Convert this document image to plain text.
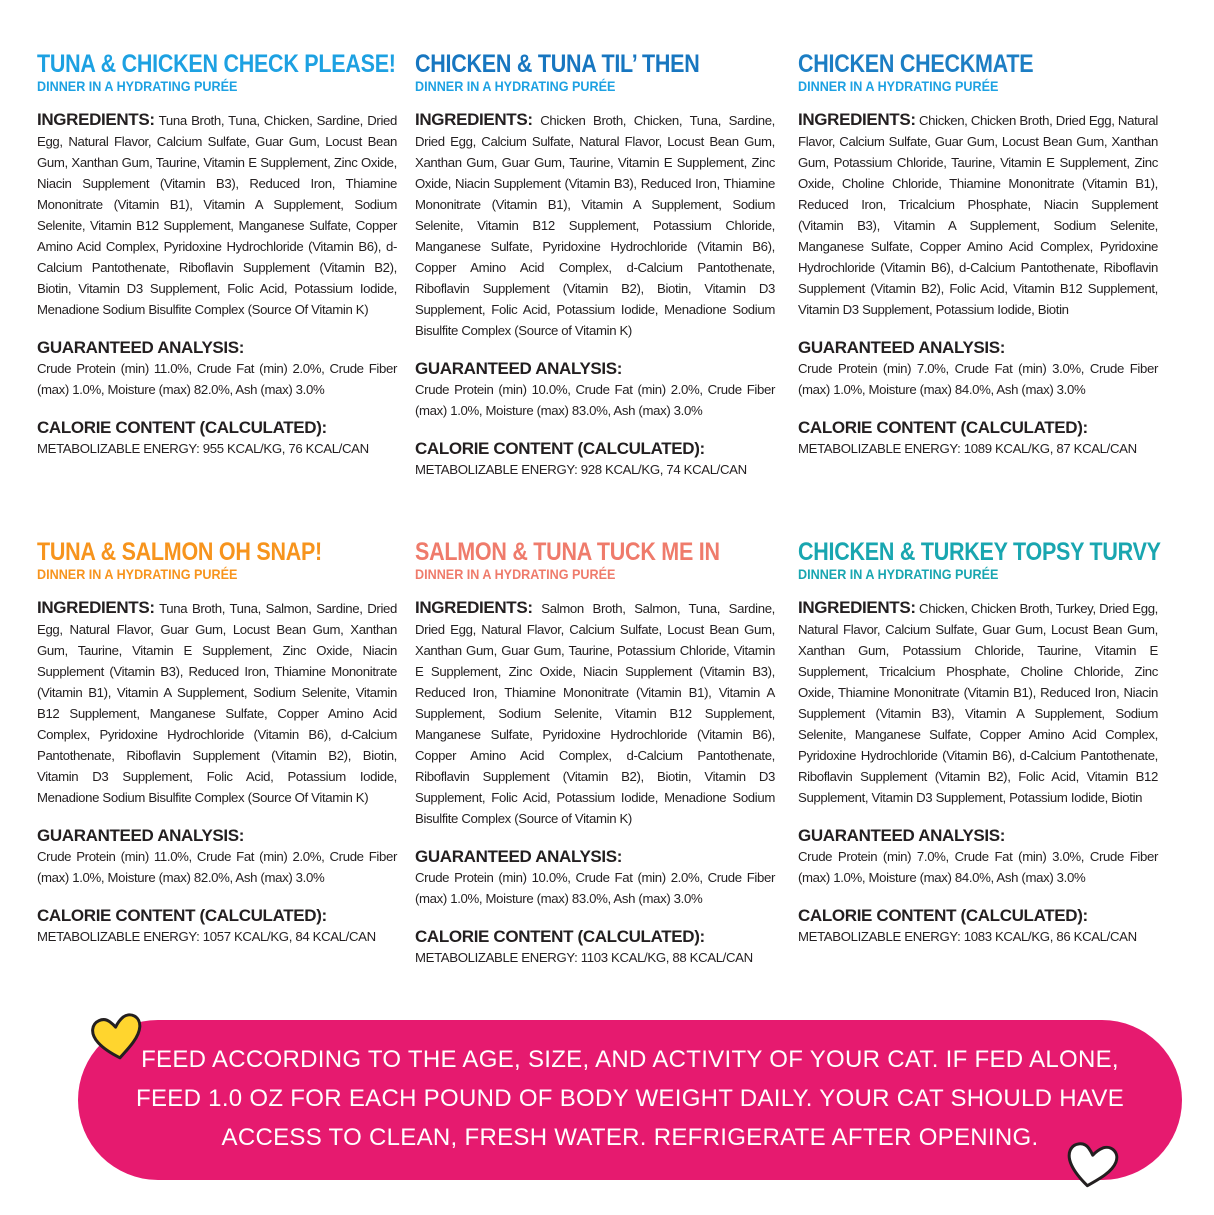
TUNA & CHICKEN CHECK PLEASE!
DINNER IN A HYDRATING PURÉE
INGREDIENTS: Tuna Broth, Tuna, Chicken, Sardine, Dried Egg, Natural Flavor, Calcium Sulfate, Guar Gum, Locust Bean Gum, Xanthan Gum, Taurine, Vitamin E Supplement, Zinc Oxide, Niacin Supplement (Vitamin B3), Reduced Iron, Thiamine Mononitrate (Vitamin B1), Vitamin A Supplement, Sodium Selenite, Vitamin B12 Supplement, Manganese Sulfate, Copper Amino Acid Complex, Pyridoxine Hydrochloride (Vitamin B6), d-Calcium Pantothenate, Riboflavin Supplement (Vitamin B2), Biotin, Vitamin D3 Supplement, Folic Acid, Potassium Iodide, Menadione Sodium Bisulfite Complex (Source Of Vitamin K)
GUARANTEED ANALYSIS:
Crude Protein (min) 11.0%, Crude Fat (min) 2.0%, Crude Fiber (max) 1.0%, Moisture (max) 82.0%, Ash (max) 3.0%
CALORIE CONTENT (CALCULATED):
METABOLIZABLE ENERGY: 955 KCAL/KG, 76 KCAL/CAN
CHICKEN & TUNA TIL’ THEN
DINNER IN A HYDRATING PURÉE
INGREDIENTS: Chicken Broth, Chicken, Tuna, Sardine, Dried Egg, Calcium Sulfate, Natural Flavor, Locust Bean Gum, Xanthan Gum, Guar Gum, Taurine, Vitamin E Supplement, Zinc Oxide, Niacin Supplement (Vitamin B3), Reduced Iron, Thiamine Mononitrate (Vitamin B1), Vitamin A Supplement, Sodium Selenite, Vitamin B12 Supplement, Potassium Chloride, Manganese Sulfate, Pyridoxine Hydrochloride (Vitamin B6), Copper Amino Acid Complex, d-Calcium Pantothenate, Riboflavin Supplement (Vitamin B2), Biotin, Vitamin D3 Supplement, Folic Acid, Potassium Iodide, Menadione Sodium Bisulfite Complex (Source of Vitamin K)
GUARANTEED ANALYSIS:
Crude Protein (min) 10.0%, Crude Fat (min) 2.0%, Crude Fiber (max) 1.0%, Moisture (max) 83.0%, Ash (max) 3.0%
CALORIE CONTENT (CALCULATED):
METABOLIZABLE ENERGY: 928 KCAL/KG, 74 KCAL/CAN
CHICKEN CHECKMATE
DINNER IN A HYDRATING PURÉE
INGREDIENTS: Chicken, Chicken Broth, Dried Egg, Natural Flavor, Calcium Sulfate, Guar Gum, Locust Bean Gum, Xanthan Gum, Potassium Chloride, Taurine, Vitamin E Supplement, Zinc Oxide, Choline Chloride, Thiamine Mononitrate (Vitamin B1), Reduced Iron, Tricalcium Phosphate, Niacin Supplement (Vitamin B3), Vitamin A Supplement, Sodium Selenite, Manganese Sulfate, Copper Amino Acid Complex, Pyridoxine Hydrochloride (Vitamin B6), d-Calcium Pantothenate, Riboflavin Supplement (Vitamin B2), Folic Acid, Vitamin B12 Supplement, Vitamin D3 Supplement, Potassium Iodide, Biotin
GUARANTEED ANALYSIS:
Crude Protein (min) 7.0%, Crude Fat (min) 3.0%, Crude Fiber (max) 1.0%, Moisture (max) 84.0%, Ash (max) 3.0%
CALORIE CONTENT (CALCULATED):
METABOLIZABLE ENERGY: 1089 KCAL/KG, 87 KCAL/CAN
TUNA & SALMON OH SNAP!
DINNER IN A HYDRATING PURÉE
INGREDIENTS: Tuna Broth, Tuna, Salmon, Sardine, Dried Egg, Natural Flavor, Guar Gum, Locust Bean Gum, Xanthan Gum, Taurine, Vitamin E Supplement, Zinc Oxide, Niacin Supplement (Vitamin B3), Reduced Iron, Thiamine Mononitrate (Vitamin B1), Vitamin A Supplement, Sodium Selenite, Vitamin B12 Supplement, Manganese Sulfate, Copper Amino Acid Complex, Pyridoxine Hydrochloride (Vitamin B6), d-Calcium Pantothenate, Riboflavin Supplement (Vitamin B2), Biotin, Vitamin D3 Supplement, Folic Acid, Potassium Iodide, Menadione Sodium Bisulfite Complex (Source Of Vitamin K)
GUARANTEED ANALYSIS:
Crude Protein (min) 11.0%, Crude Fat (min) 2.0%, Crude Fiber (max) 1.0%, Moisture (max) 82.0%, Ash (max) 3.0%
CALORIE CONTENT (CALCULATED):
METABOLIZABLE ENERGY: 1057 KCAL/KG, 84 KCAL/CAN
SALMON & TUNA TUCK ME IN
DINNER IN A HYDRATING PURÉE
INGREDIENTS: Salmon Broth, Salmon, Tuna, Sardine, Dried Egg, Natural Flavor, Calcium Sulfate, Locust Bean Gum, Xanthan Gum, Guar Gum, Taurine, Potassium Chloride, Vitamin E Supplement, Zinc Oxide, Niacin Supplement (Vitamin B3), Reduced Iron, Thiamine Mononitrate (Vitamin B1), Vitamin A Supplement, Sodium Selenite, Vitamin B12 Supplement, Manganese Sulfate, Pyridoxine Hydrochloride (Vitamin B6), Copper Amino Acid Complex, d-Calcium Pantothenate, Riboflavin Supplement (Vitamin B2), Biotin, Vitamin D3 Supplement, Folic Acid, Potassium Iodide, Menadione Sodium Bisulfite Complex (Source of Vitamin K)
GUARANTEED ANALYSIS:
Crude Protein (min) 10.0%, Crude Fat (min) 2.0%, Crude Fiber (max) 1.0%, Moisture (max) 83.0%, Ash (max) 3.0%
CALORIE CONTENT (CALCULATED):
METABOLIZABLE ENERGY: 1103 KCAL/KG, 88 KCAL/CAN
CHICKEN & TURKEY TOPSY TURVY
DINNER IN A HYDRATING PURÉE
INGREDIENTS: Chicken, Chicken Broth, Turkey, Dried Egg, Natural Flavor, Calcium Sulfate, Guar Gum, Locust Bean Gum, Xanthan Gum, Potassium Chloride, Taurine, Vitamin E Supplement, Tricalcium Phosphate, Choline Chloride, Zinc Oxide, Thiamine Mononitrate (Vitamin B1), Reduced Iron, Niacin Supplement (Vitamin B3), Vitamin A Supplement, Sodium Selenite, Manganese Sulfate, Copper Amino Acid Complex, Pyridoxine Hydrochloride (Vitamin B6), d-Calcium Pantothenate, Riboflavin Supplement (Vitamin B2), Folic Acid, Vitamin B12 Supplement, Vitamin D3 Supplement, Potassium Iodide, Biotin
GUARANTEED ANALYSIS:
Crude Protein (min) 7.0%, Crude Fat (min) 3.0%, Crude Fiber (max) 1.0%, Moisture (max) 84.0%, Ash (max) 3.0%
CALORIE CONTENT (CALCULATED):
METABOLIZABLE ENERGY: 1083 KCAL/KG, 86 KCAL/CAN
FEED ACCORDING TO THE AGE, SIZE, AND ACTIVITY OF YOUR CAT. IF FED ALONE,
FEED 1.0 OZ FOR EACH POUND OF BODY WEIGHT DAILY. YOUR CAT SHOULD HAVE
ACCESS TO CLEAN, FRESH WATER. REFRIGERATE AFTER OPENING.
